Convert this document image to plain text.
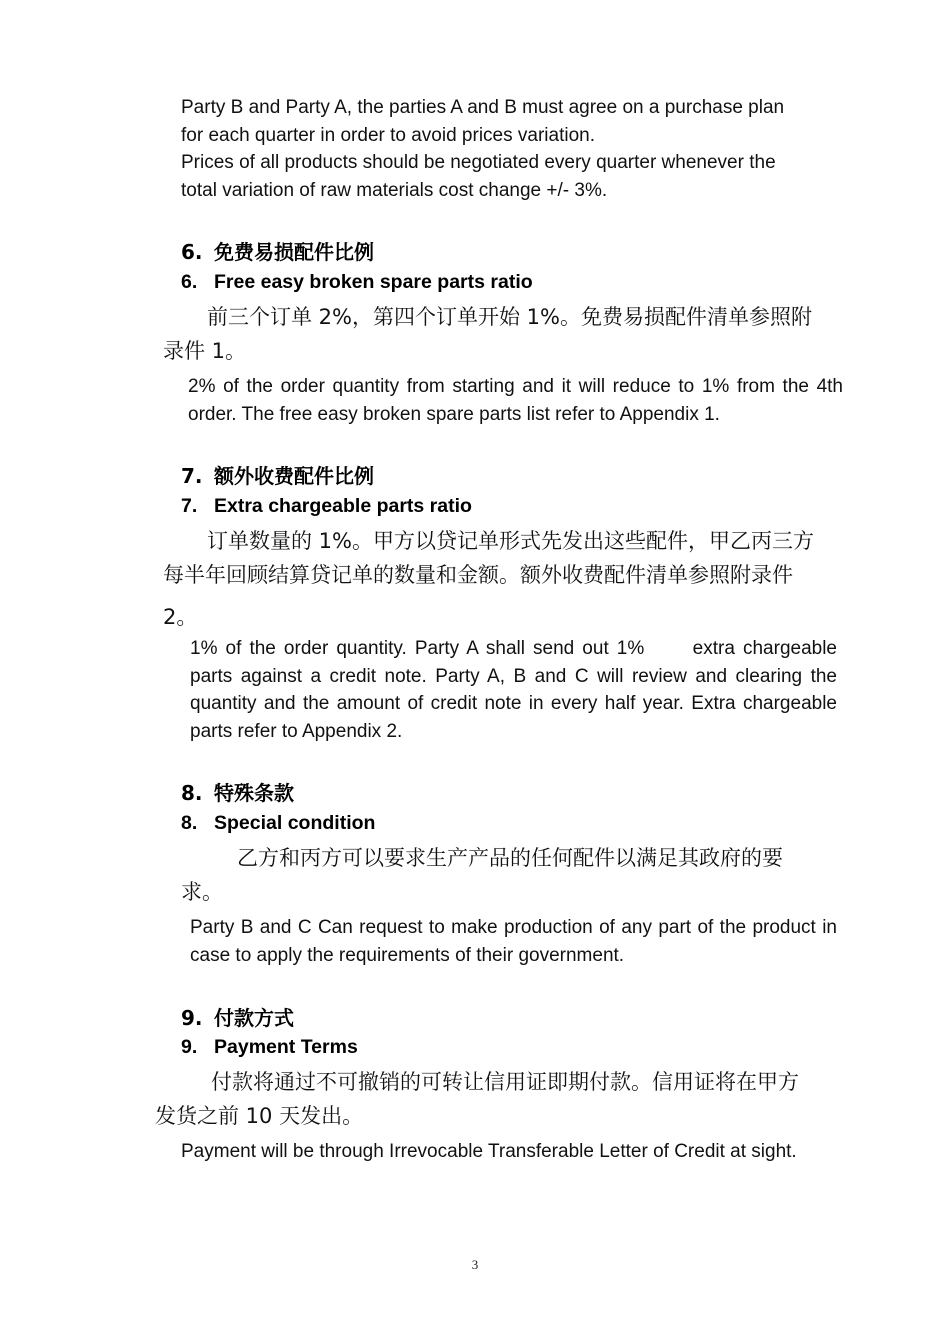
Party B and Party A, the parties A and B must agree on a purchase plan
for each quarter in order to avoid prices variation.
Prices of all products should be negotiated every quarter whenever the
total variation of raw materials cost change +/- 3%.
6. 免费易损配件比例
6. Free easy broken spare parts ratio
前三个订单 2%，第四个订单开始 1%。免费易损配件清单参照附
录件 1。
2% of the order quantity from starting and it will reduce to 1% from the 4th order. The free easy broken spare parts list refer to Appendix 1.
7. 额外收费配件比例
7. Extra chargeable parts ratio
订单数量的 1%。甲方以贷记单形式先发出这些配件，甲乙丙三方
每半年回顾结算贷记单的数量和金额。额外收费配件清单参照附录件
2。
1% of the order quantity. Party A shall send out 1%      extra chargeable parts against a credit note. Party A, B and C will review and clearing the quantity and the amount of credit note in every half year. Extra chargeable parts refer to Appendix 2.
8. 特殊条款
8. Special condition
乙方和丙方可以要求生产产品的任何配件以满足其政府的要
求。
Party B and C Can request to make production of any part of the product in case to apply the requirements of their government.
9. 付款方式
9. Payment Terms
付款将通过不可撤销的可转让信用证即期付款。信用证将在甲方
发货之前 10 天发出。
Payment will be through Irrevocable Transferable Letter of Credit at sight.
3
